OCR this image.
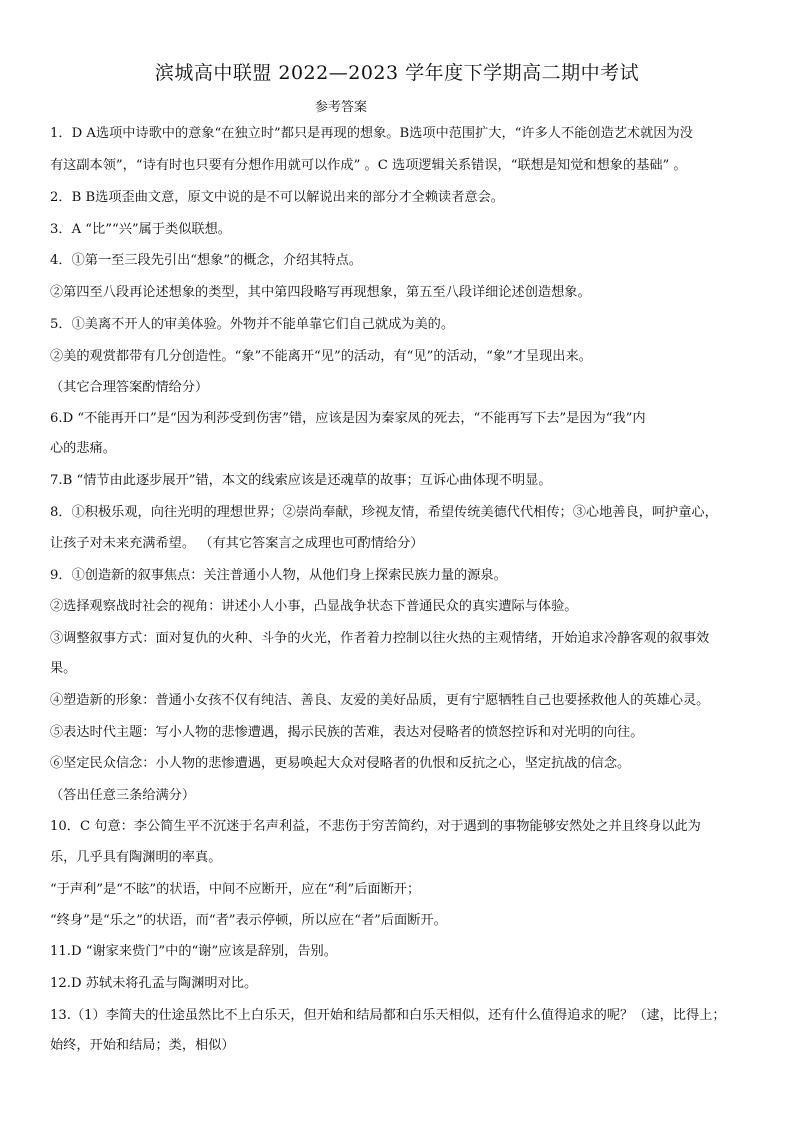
滨城高中联盟 2022—2023 学年度下学期高二期中考试
参考答案
1．D A选项中诗歌中的意象“在独立时”都只是再现的想象。B选项中范围扩大，“许多人不能创造艺术就因为没
有这副本领”，“诗有时也只要有分想作用就可以作成” 。C 选项逻辑关系错误，“联想是知觉和想象的基础” 。
2．B B选项歪曲文意，原文中说的是不可以解说出来的部分才全赖读者意会。
3．A “比”“兴”属于类似联想。
4．①第一至三段先引出“想象”的概念，介绍其特点。
②第四至八段再论述想象的类型，其中第四段略写再现想象，第五至八段详细论述创造想象。
5．①美离不开人的审美体验。外物并不能单靠它们自己就成为美的。
②美的观赏都带有几分创造性。“象”不能离开“见”的活动，有“见”的活动，“象”才呈现出来。
（其它合理答案酌情给分）
6.D “不能再开口”是“因为利莎受到伤害”错，应该是因为秦家凤的死去，“不能再写下去”是因为“我”内
心的悲痛。
7.B “情节由此逐步展开”错，本文的线索应该是还魂草的故事；互诉心曲体现不明显。
8．①积极乐观，向往光明的理想世界；②崇尚奉献，珍视友情，希望传统美德代代相传；③心地善良，呵护童心，
让孩子对未来充满希望。 （有其它答案言之成理也可酌情给分）
9．①创造新的叙事焦点：关注普通小人物，从他们身上探索民族力量的源泉。
②选择观察战时社会的视角：讲述小人小事，凸显战争状态下普通民众的真实遭际与体验。
③调整叙事方式：面对复仇的火种、斗争的火光，作者着力控制以往火热的主观情绪，开始追求冷静客观的叙事效
果。
④塑造新的形象：普通小女孩不仅有纯洁、善良、友爱的美好品质，更有宁愿牺牲自己也要拯救他人的英雄心灵。
⑤表达时代主题：写小人物的悲惨遭遇，揭示民族的苦难，表达对侵略者的愤怒控诉和对光明的向往。
⑥坚定民众信念：小人物的悲惨遭遇，更易唤起大众对侵略者的仇恨和反抗之心，坚定抗战的信念。
（答出任意三条给满分）
10．C 句意：李公简生平不沉迷于名声利益，不悲伤于穷苦简约，对于遇到的事物能够安然处之并且终身以此为
乐，几乎具有陶渊明的率真。
“于声利”是“不眩”的状语，中间不应断开，应在“利”后面断开；
“终身”是“乐之”的状语，而“者”表示停顿，所以应在“者”后面断开。
11.D “谢家来赀门”中的“谢”应该是辞别，告别。
12.D 苏轼未将孔孟与陶渊明对比。
13.（1）李简夫的仕途虽然比不上白乐天，但开始和结局都和白乐天相似，还有什么值得追求的呢？（逮，比得上；
始终，开始和结局；类，相似）
